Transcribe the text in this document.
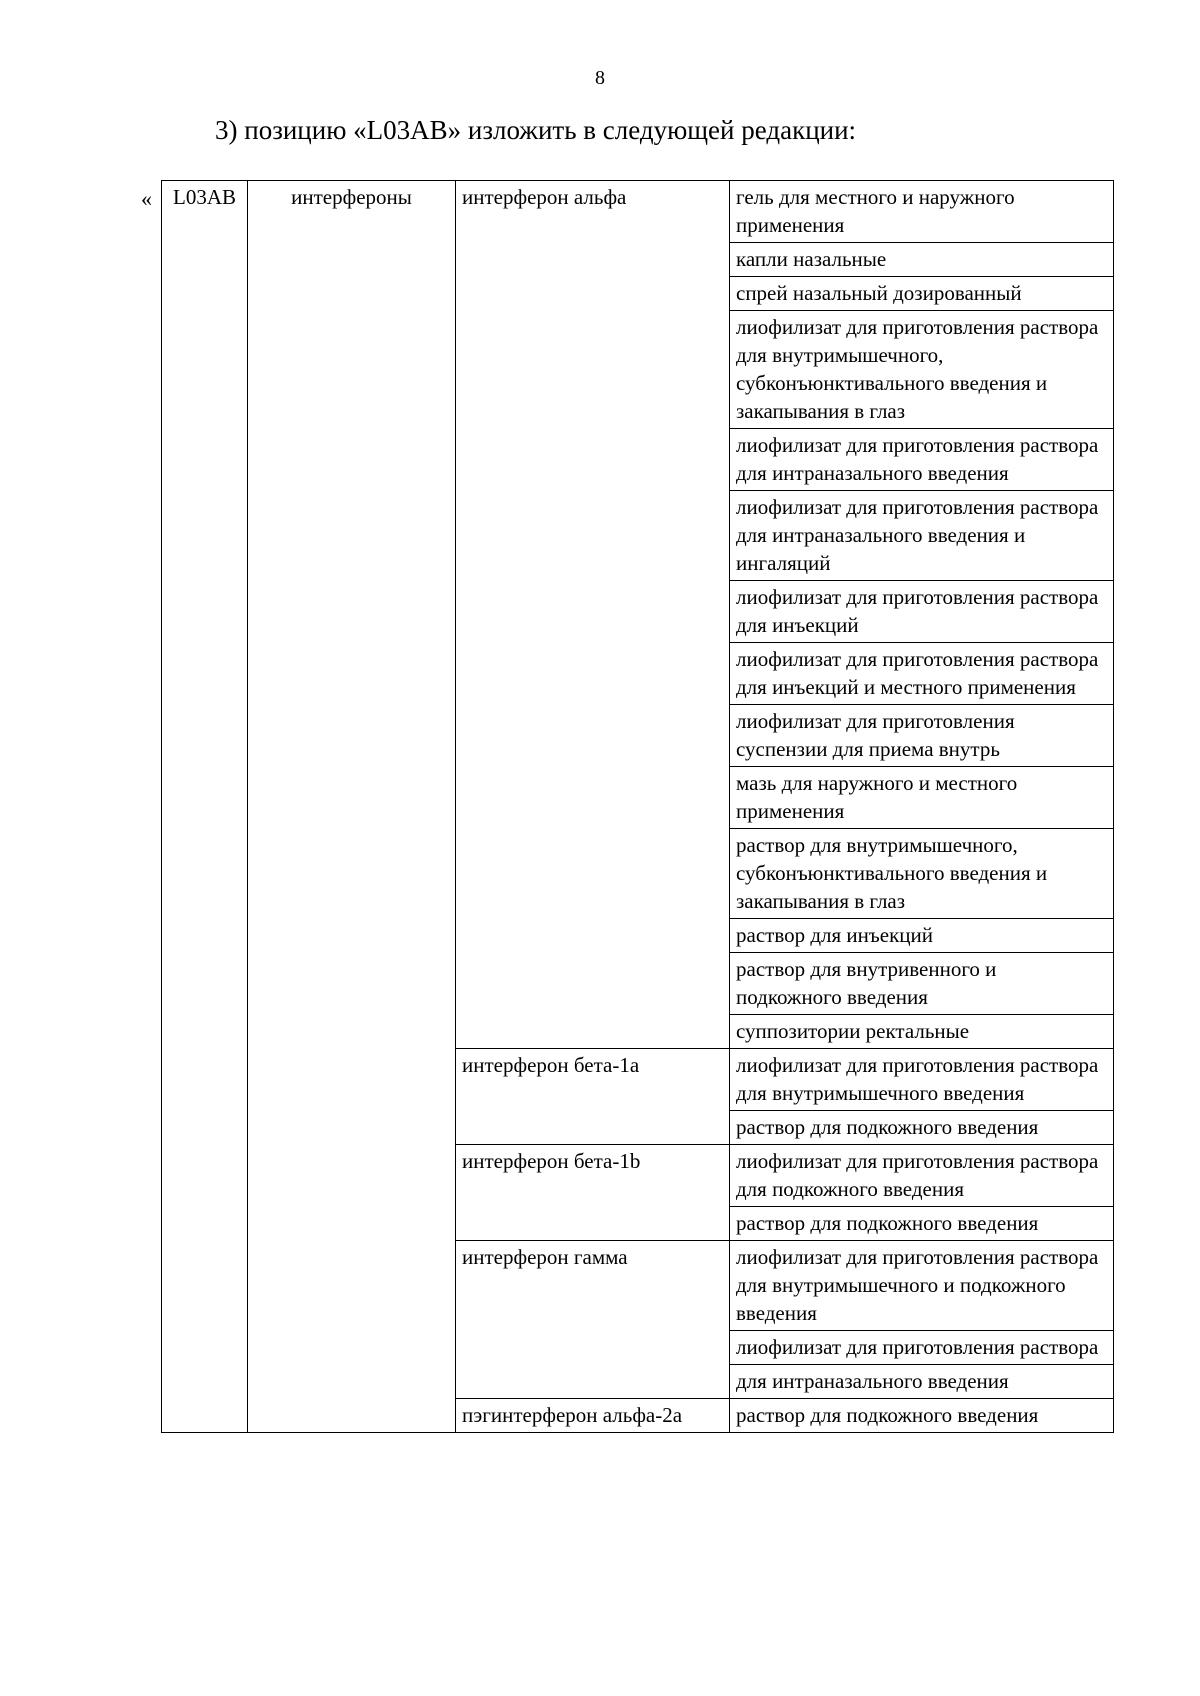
8
3) позицию «L03AB» изложить в следующей редакции:
« L03AB	интерфероны	интерферон альфа	гель для местного и наружного применения
			капли назальные
			спрей назальный дозированный
			лиофилизат для приготовления раствора для внутримышечного, субконъюнктивального введения и закапывания в глаз
			лиофилизат для приготовления раствора для интраназального введения
			лиофилизат для приготовления раствора для интраназального введения и ингаляций
			лиофилизат для приготовления раствора для инъекций
			лиофилизат для приготовления раствора для инъекций и местного применения
			лиофилизат для приготовления суспензии для приема внутрь
			мазь для наружного и местного применения
			раствор для внутримышечного, субконъюнктивального введения и закапывания в глаз
			раствор для инъекций
			раствор для внутривенного и подкожного введения
			суппозитории ректальные
		интерферон бета-1a	лиофилизат для приготовления раствора для внутримышечного введения
			раствор для подкожного введения
		интерферон бета-1b	лиофилизат для приготовления раствора для подкожного введения
			раствор для подкожного введения
		интерферон гамма	лиофилизат для приготовления раствора для внутримышечного и подкожного введения
			лиофилизат для приготовления раствора
			для интраназального введения
		пэгинтерферон альфа-2a	раствор для подкожного введения
